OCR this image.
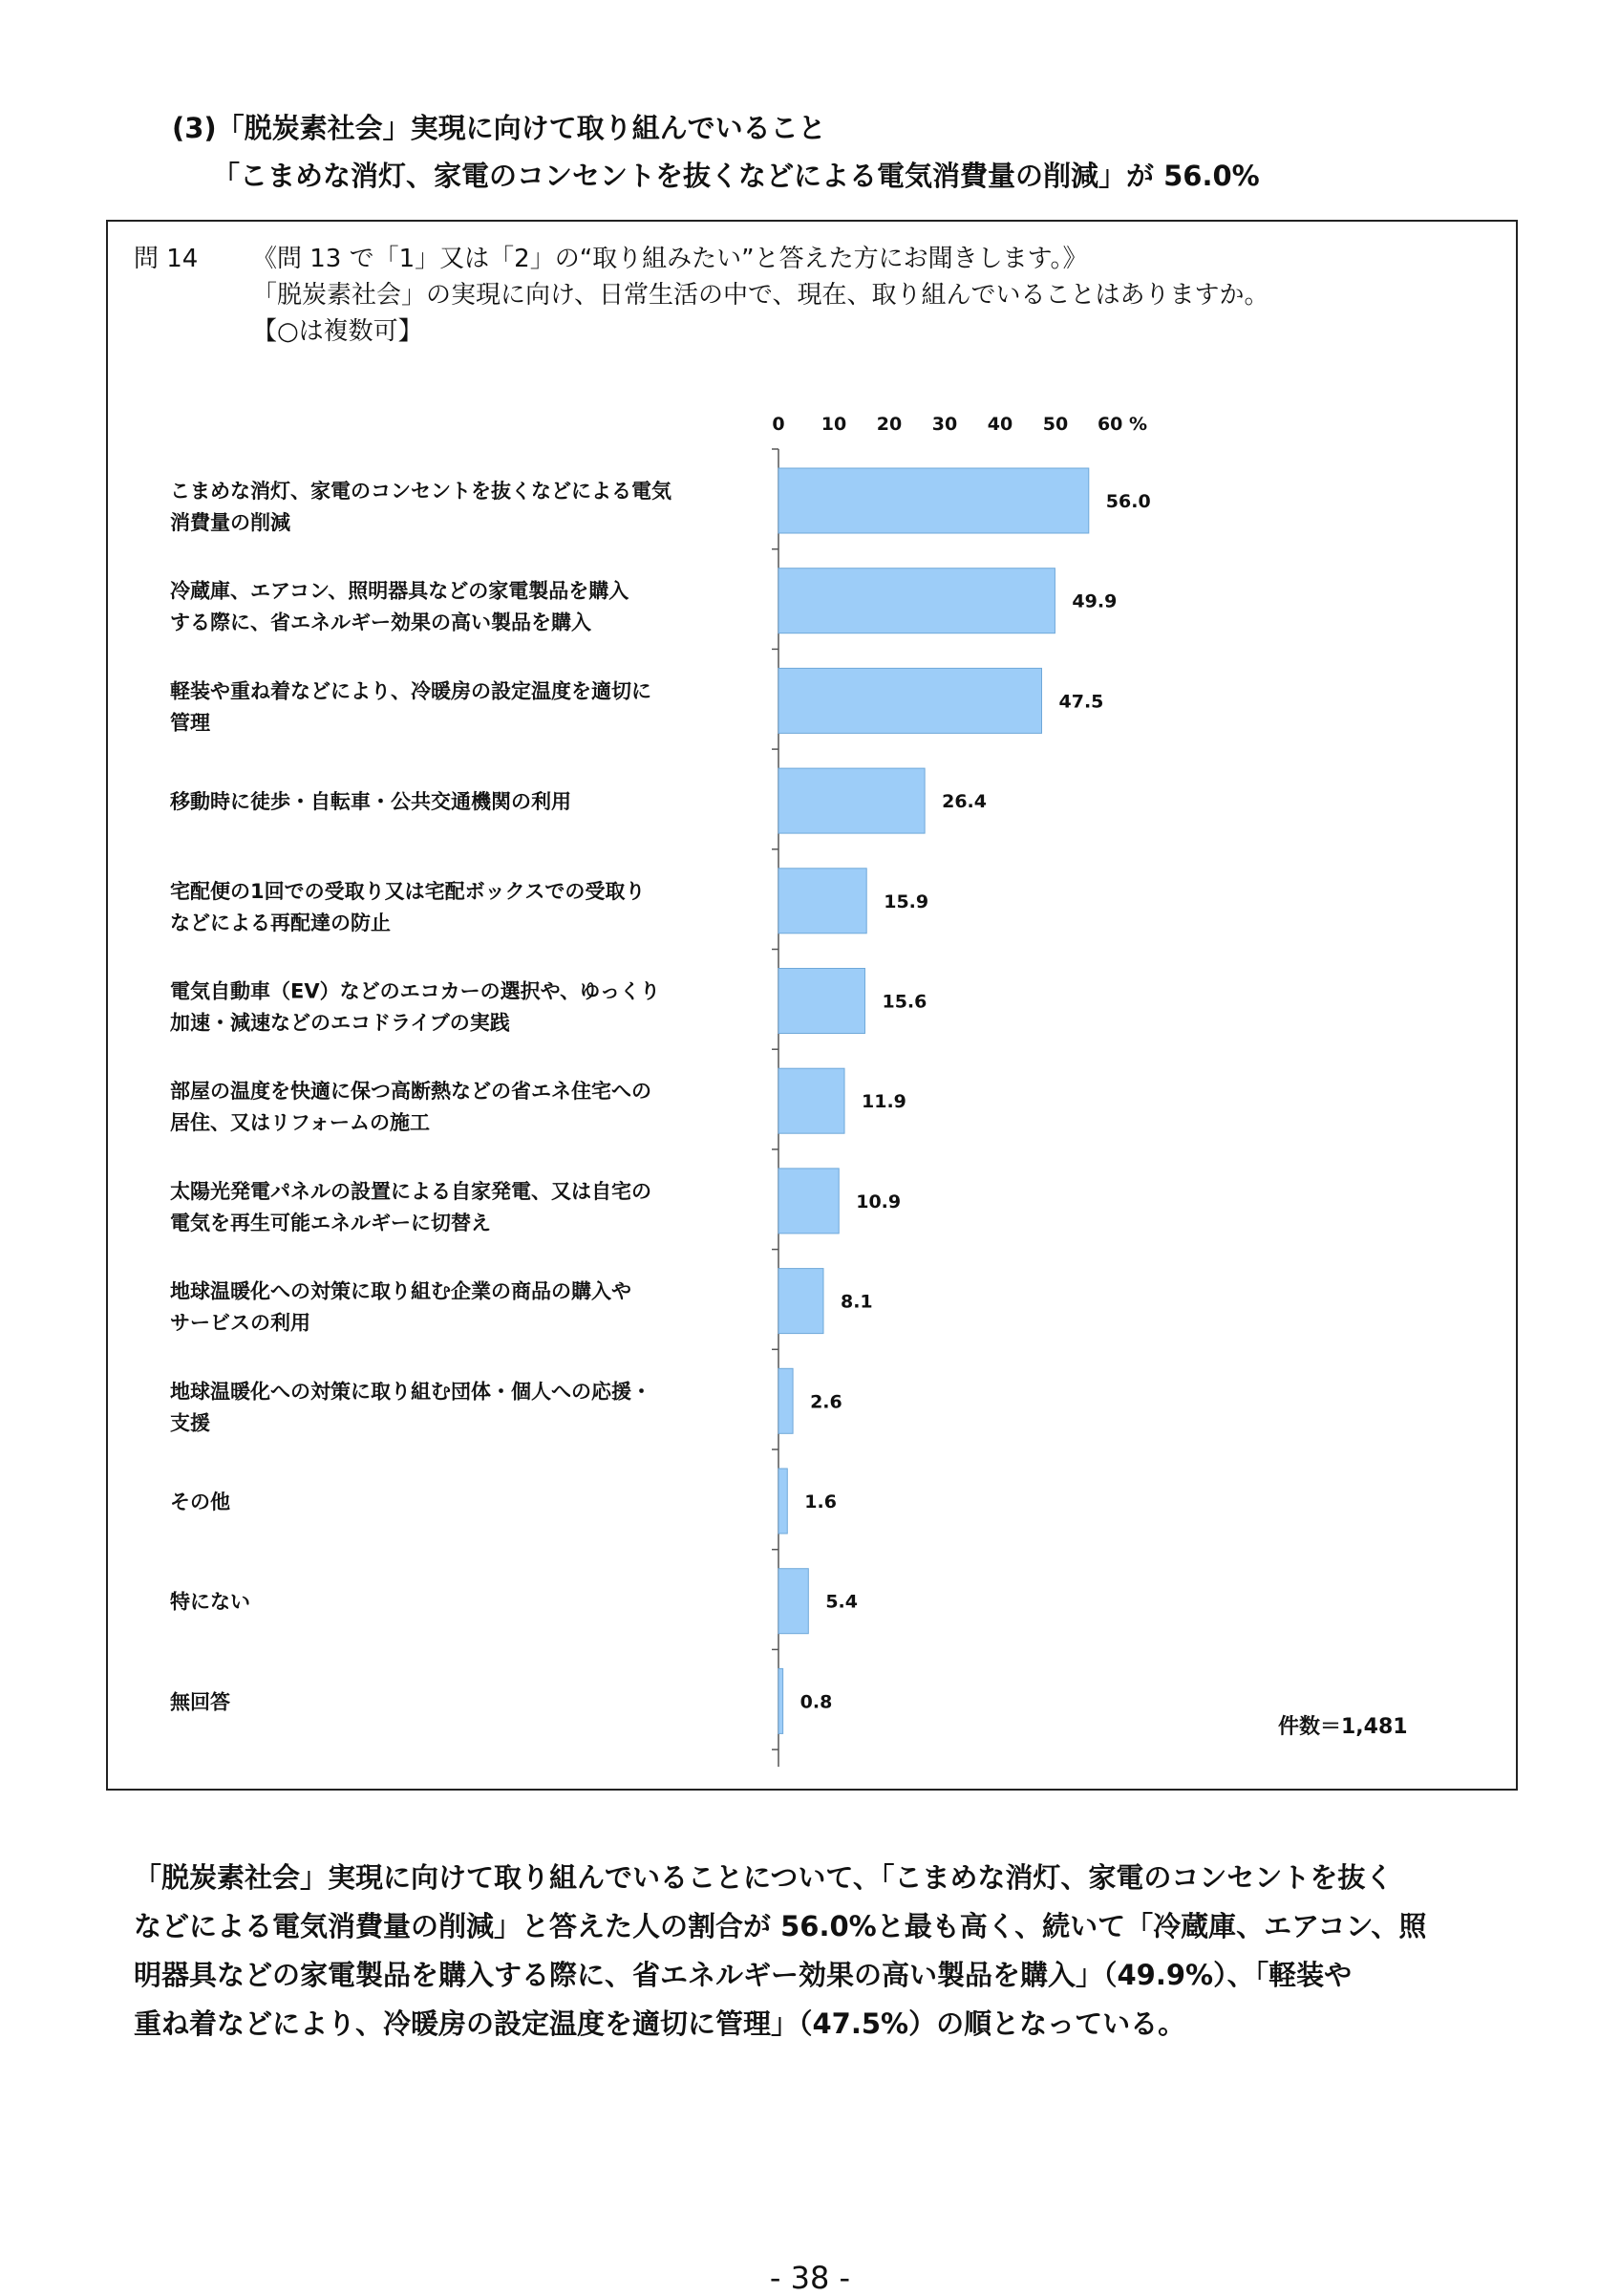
(3)「脱炭素社会」実現に向けて取り組んでいること
「こまめな消灯、家電のコンセントを抜くなどによる電気消費量の削減」が 56.0%
問 14 《問 13 で「1」又は「2」の“取り組みたい”と答えた方にお聞きします。》
「脱炭素社会」の実現に向け、日常生活の中で、現在、取り組んでいることはありますか。
【○は複数可】
0 10 20 30 40 50 60 %
56.0
こまめな消灯、家電のコンセントを抜くなどによる電気
消費量の削減
49.9
冷蔵庫、エアコン、照明器具などの家電製品を購入
する際に、省エネルギー効果の高い製品を購入
47.5
軽装や重ね着などにより、冷暖房の設定温度を適切に
管理
26.4
移動時に徒歩・自転車・公共交通機関の利用
15.9
宅配便の1回での受取り又は宅配ボックスでの受取り
などによる再配達の防止
15.6
電気自動車（EV）などのエコカーの選択や、ゆっくり
加速・減速などのエコドライブの実践
11.9
部屋の温度を快適に保つ高断熱などの省エネ住宅への
居住、又はリフォームの施工
10.9
太陽光発電パネルの設置による自家発電、又は自宅の
電気を再生可能エネルギーに切替え
8.1
地球温暖化への対策に取り組む企業の商品の購入や
サービスの利用
2.6
地球温暖化への対策に取り組む団体・個人への応援・
支援
1.6
その他
5.4
特にない
0.8
無回答
件数＝1,481
「脱炭素社会」実現に向けて取り組んでいることについて、「こまめな消灯、家電のコンセントを抜く
などによる電気消費量の削減」と答えた人の割合が 56.0%と最も高く、続いて「冷蔵庫、エアコン、照
明器具などの家電製品を購入する際に、省エネルギー効果の高い製品を購入」（49.9%）、「軽装や
重ね着などにより、冷暖房の設定温度を適切に管理」（47.5%）の順となっている。
- 38 -
